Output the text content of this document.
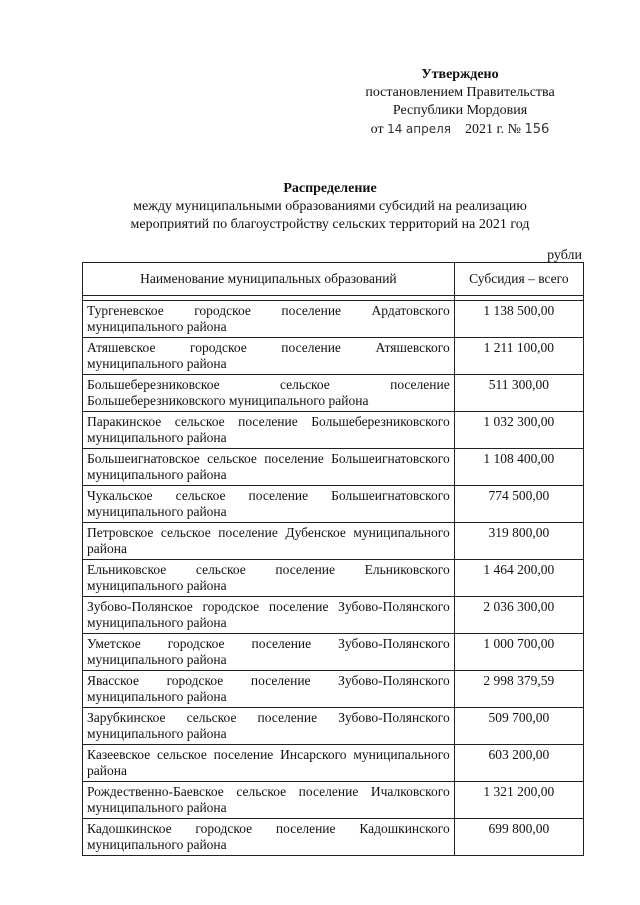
Утверждено
постановлением Правительства
Республики Мордовия
от 14 апреля 2021 г. № 156
Распределение
между муниципальными образованиями субсидий на реализацию
мероприятий по благоустройству сельских территорий на 2021 год
рубли
Наименование муниципальных образований	Субсидия – всего

Тургеневское городское поселение Ардатовского муниципального района	1 138 500,00
Атяшевское городское поселение Атяшевского муниципального района	1 211 100,00
Большеберезниковское сельское поселение Большеберезниковского муниципального района	511 300,00
Паракинское сельское поселение Большеберезниковского муниципального района	1 032 300,00
Большеигнатовское сельское поселение Большеигнатовского муниципального района	1 108 400,00
Чукальское сельское поселение Большеигнатовского муниципального района	774 500,00
Петровское сельское поселение Дубенское муниципального района	319 800,00
Ельниковское сельское поселение Ельниковского муниципального района	1 464 200,00
Зубово-Полянское городское поселение Зубово-Полянского муниципального района	2 036 300,00
Уметское городское поселение Зубово-Полянского муниципального района	1 000 700,00
Явасское городское поселение Зубово-Полянского муниципального района	2 998 379,59
Зарубкинское сельское поселение Зубово-Полянского муниципального района	509 700,00
Казеевское сельское поселение Инсарского муниципального района	603 200,00
Рождественно-Баевское сельское поселение Ичалковского муниципального района	1 321 200,00
Кадошкинское городское поселение Кадошкинского муниципального района	699 800,00
